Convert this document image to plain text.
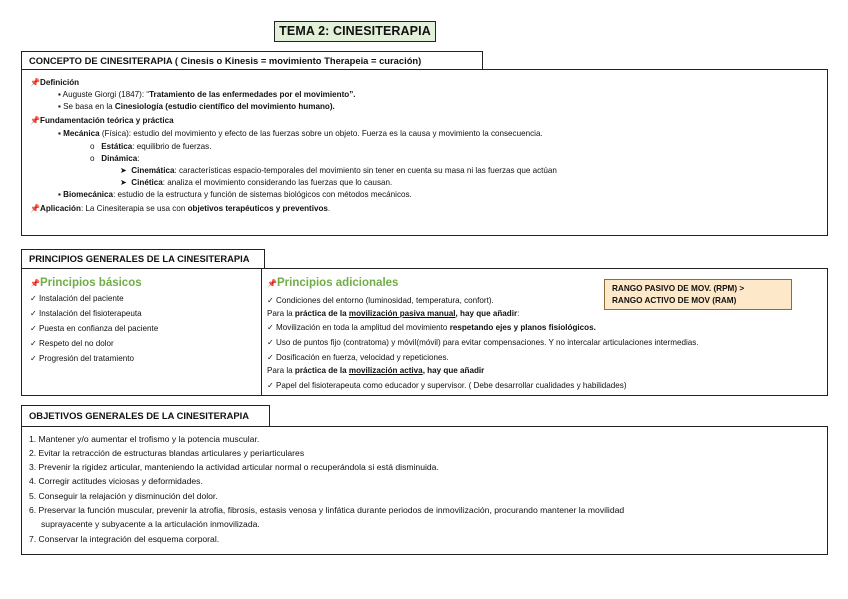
TEMA 2: CINESITERAPIA
CONCEPTO DE CINESITERAPIA ( Cinesis o Kinesis = movimiento Therapeia = curación)
📌Definición
▪ Auguste Giorgi (1847): “Tratamiento de las enfermedades por el movimiento”.
▪ Se basa en la Cinesiología (estudio científico del movimiento humano).
📌Fundamentación teórica y práctica
▪ Mecánica (Física): estudio del movimiento y efecto de las fuerzas sobre un objeto. Fuerza es la causa y movimiento la consecuencia.
o   Estática: equilibrio de fuerzas.
o   Dinámica:
➤  Cinemática: características espacio-temporales del movimiento sin tener en cuenta su masa ni las fuerzas que actúan
➤  Cinética: analiza el movimiento considerando las fuerzas que lo causan.
▪ Biomecánica: estudio de la estructura y función de sistemas biológicos con métodos mecánicos.
📌Aplicación: La Cinesiterapia se usa con objetivos terapéuticos y preventivos.
PRINCIPIOS GENERALES DE LA CINESITERAPIA
📌Principios básicos
✓ Instalación del paciente
✓ Instalación del fisioterapeuta
✓ Puesta en confianza del paciente
✓ Respeto del no dolor
✓ Progresión del tratamiento
📌Principios adicionales	RANGO PASIVO DE MOV. (RPM) >
RANGO ACTIVO DE MOV (RAM)
✓ Condiciones del entorno (luminosidad, temperatura, confort).
Para la práctica de la movilización pasiva manual, hay que añadir:
✓ Movilización en toda la amplitud del movimiento respetando ejes y planos fisiológicos.
✓ Uso de puntos fijo (contratoma) y móvil(móvil) para evitar compensaciones. Y no intercalar articulaciones intermedias.
✓ Dosificación en fuerza, velocidad y repeticiones.
Para la práctica de la movilización activa, hay que añadir
✓ Papel del fisioterapeuta como educador y supervisor. ( Debe desarrollar cualidades y habilidades)
OBJETIVOS GENERALES DE LA CINESITERAPIA
1. Mantener y/o aumentar el trofismo y la potencia muscular.
2. Evitar la retracción de estructuras blandas articulares y periarticulares
3. Prevenir la rigidez articular, manteniendo la actividad articular normal o recuperándola si está disminuida.
4. Corregir actitudes viciosas y deformidades.
5. Conseguir la relajación y disminución del dolor.
6. Preservar la función muscular, prevenir la atrofia, fibrosis, estasis venosa y linfática durante periodos de inmovilización, procurando mantener la movilidad
suprayacente y subyacente a la articulación inmovilizada.
7. Conservar la integración del esquema corporal.
